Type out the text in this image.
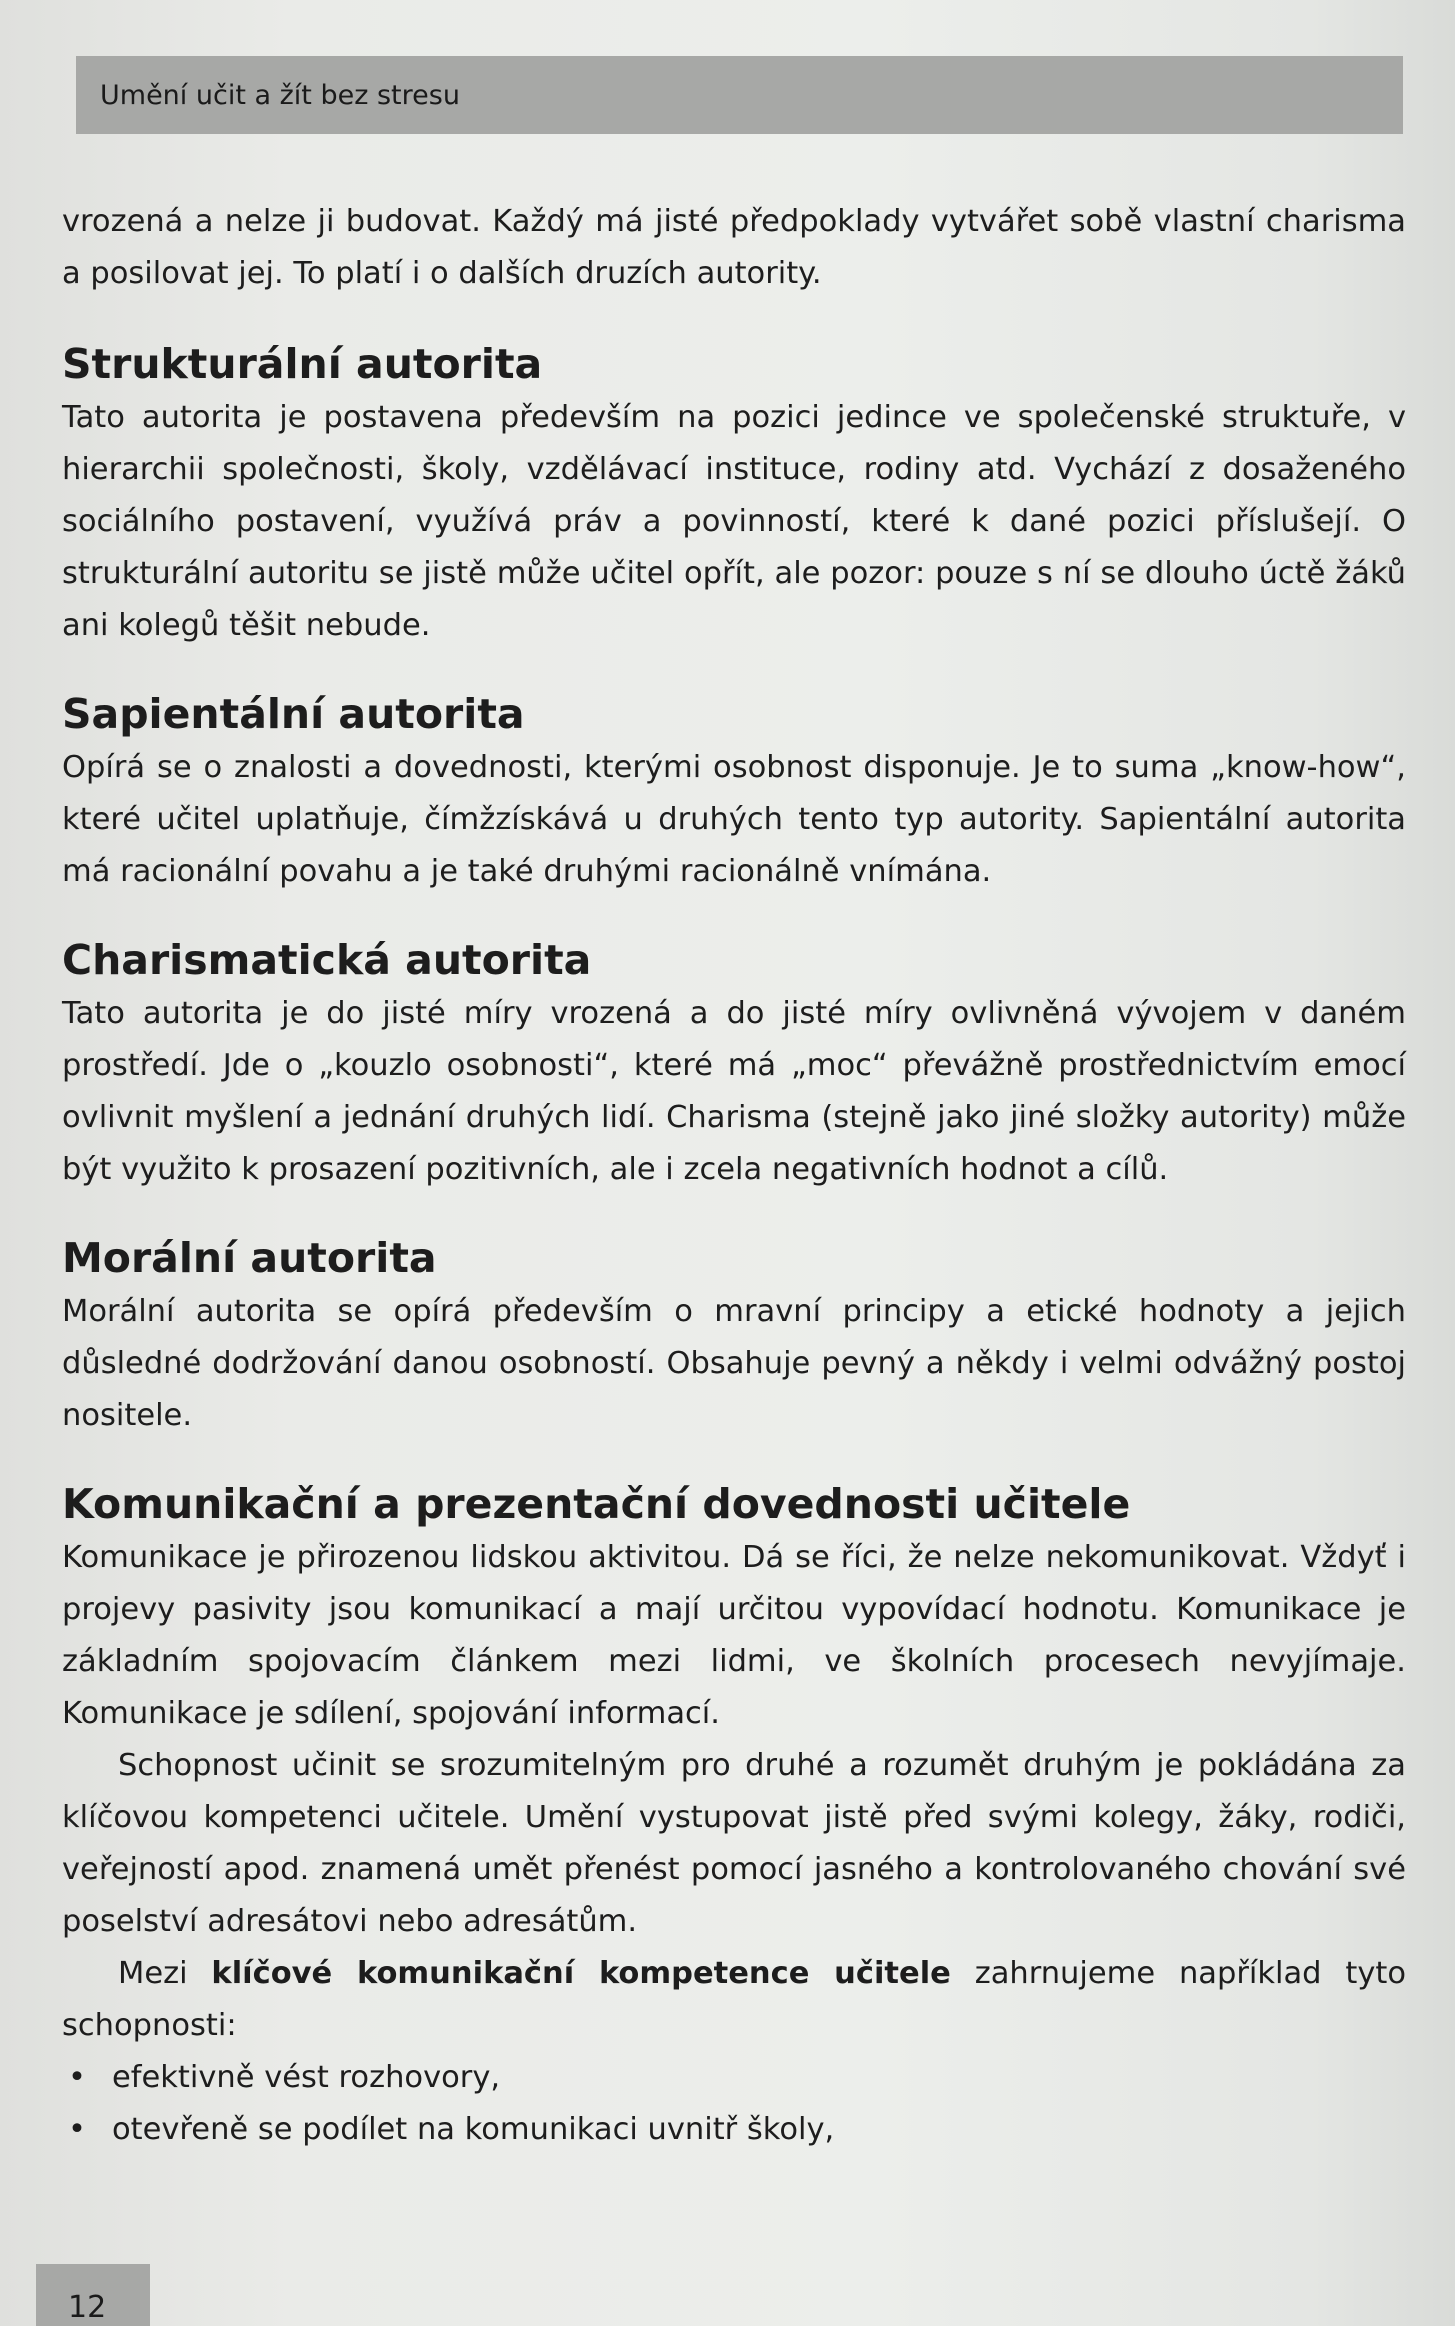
Umění učit a žít bez stresu

vrozená a nelze ji budovat. Každý má jisté předpoklady vytvářet sobě vlastní charisma a posilovat jej. To platí i o dalších druzích autority.

Strukturální autorita

Tato autorita je postavena především na pozici jedince ve společenské struktuře, v hierarchii společnosti, školy, vzdělávací instituce, rodiny atd. Vychází z dosaženého sociálního postavení, využívá práv a povinností, které k dané pozici příslušejí. O strukturální autoritu se jistě může učitel opřít, ale pozor: pouze s ní se dlouho úctě žáků ani kolegů těšit nebude.

Sapientální autorita

Opírá se o znalosti a dovednosti, kterými osobnost disponuje. Je to suma „know-how“, které učitel uplatňuje, čímžzískává u druhých tento typ autority. Sapientální autorita má racionální povahu a je také druhými racionálně vnímána.

Charismatická autorita

Tato autorita je do jisté míry vrozená a do jisté míry ovlivněná vývojem v daném prostředí. Jde o „kouzlo osobnosti“, které má „moc“ převážně prostřednictvím emocí ovlivnit myšlení a jednání druhých lidí. Charisma (stejně jako jiné složky autority) může být využito k prosazení pozitivních, ale i zcela negativních hodnot a cílů.

Morální autorita

Morální autorita se opírá především o mravní principy a etické hodnoty a jejich důsledné dodržování danou osobností. Obsahuje pevný a někdy i velmi odvážný postoj nositele.

Komunikační a prezentační dovednosti učitele

Komunikace je přirozenou lidskou aktivitou. Dá se říci, že nelze nekomunikovat. Vždyť i projevy pasivity jsou komunikací a mají určitou vypovídací hodnotu. Komunikace je základním spojovacím článkem mezi lidmi, ve školních procesech nevyjímaje. Komunikace je sdílení, spojování informací.

Schopnost učinit se srozumitelným pro druhé a rozumět druhým je pokládána za klíčovou kompetenci učitele. Umění vystupovat jistě před svými kolegy, žáky, rodiči, veřejností apod. znamená umět přenést pomocí jasného a kontrolovaného chování své poselství adresátovi nebo adresátům.

Mezi klíčové komunikační kompetence učitele zahrnujeme například tyto schopnosti:

• efektivně vést rozhovory,
• otevřeně se podílet na komunikaci uvnitř školy,
12
